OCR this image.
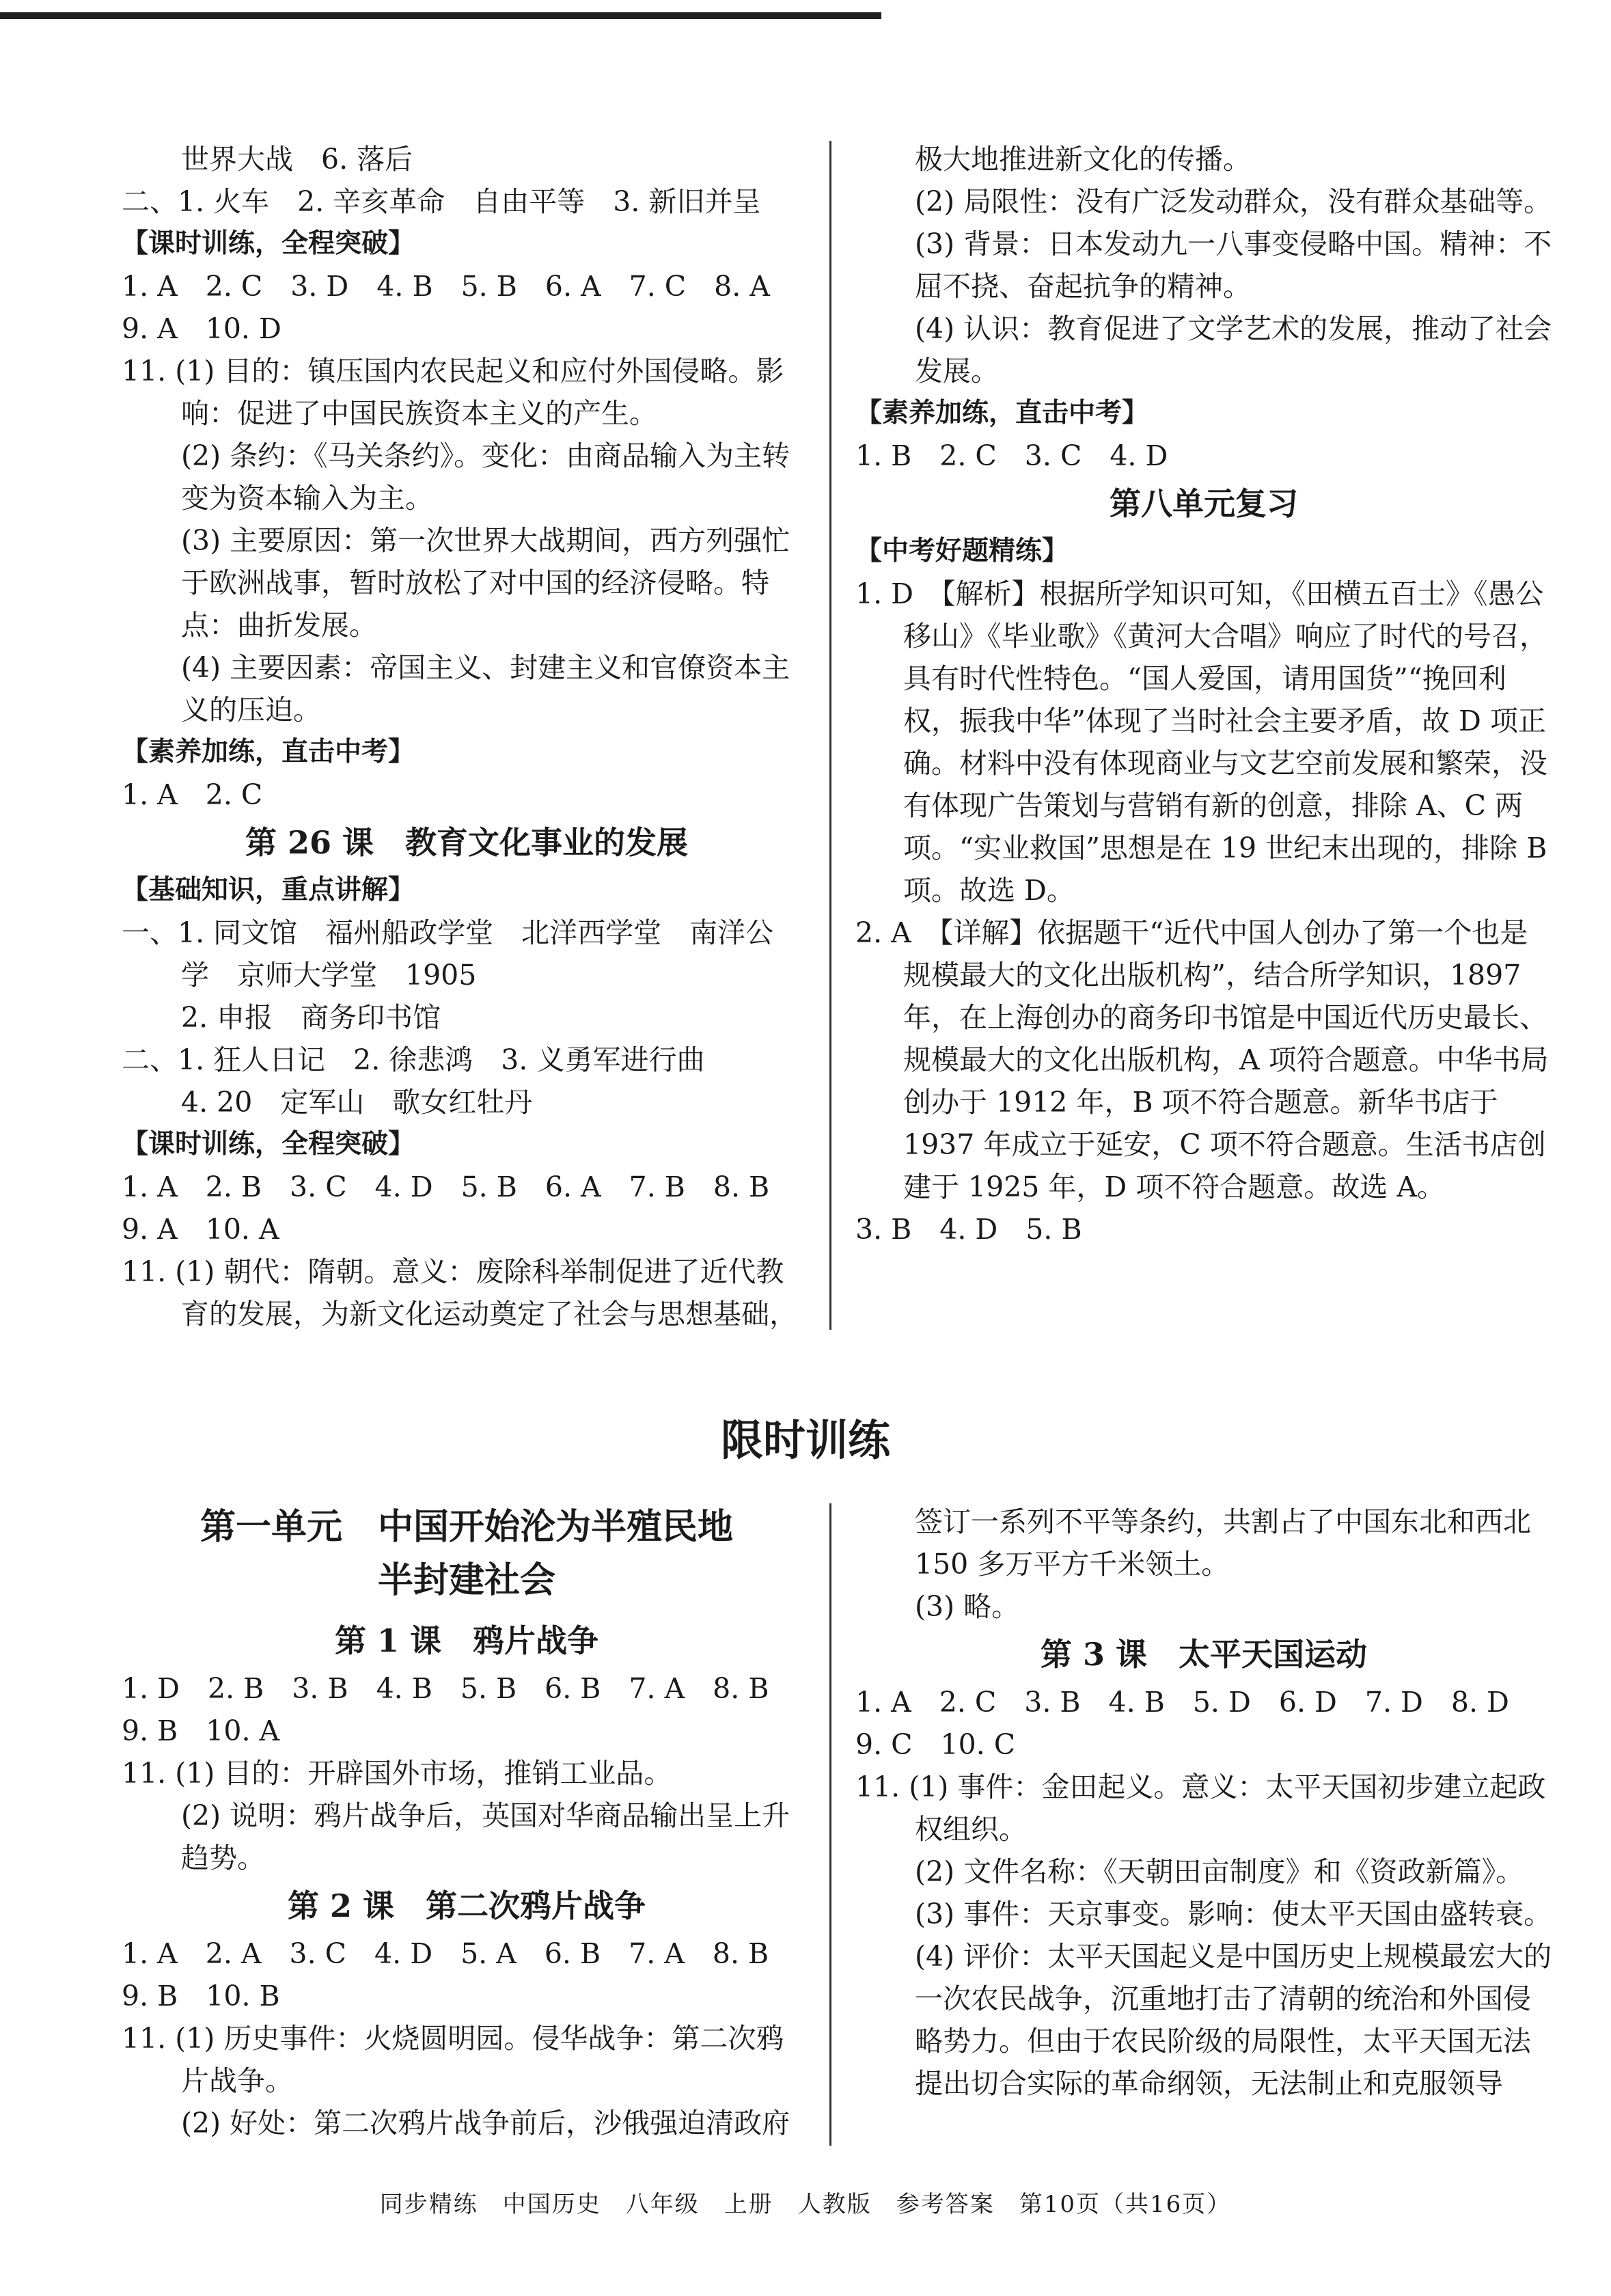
世界大战　6. 落后

二、1. 火车　2. 辛亥革命　自由平等　3. 新旧并呈

【课时训练，全程突破】

1. A　2. C　3. D　4. B　5. B　6. A　7. C　8. A

9. A　10. D

11. (1) 目的：镇压国内农民起义和应付外国侵略。影响：促进了中国民族资本主义的产生。

(2) 条约：《马关条约》。变化：由商品输入为主转变为资本输入为主。

(3) 主要原因：第一次世界大战期间，西方列强忙于欧洲战事，暂时放松了对中国的经济侵略。特点：曲折发展。

(4) 主要因素：帝国主义、封建主义和官僚资本主义的压迫。

【素养加练，直击中考】

1. A　2. C

第 26 课　教育文化事业的发展

【基础知识，重点讲解】

一、1. 同文馆　福州船政学堂　北洋西学堂　南洋公

学　京师大学堂　1905

2. 申报　商务印书馆

二、1. 狂人日记　2. 徐悲鸿　3. 义勇军进行曲

4. 20　定军山　歌女红牡丹

【课时训练，全程突破】

1. A　2. B　3. C　4. D　5. B　6. A　7. B　8. B

9. A　10. A

11. (1) 朝代：隋朝。意义：废除科举制促进了近代教育的发展，为新文化运动奠定了社会与思想基础，

极大地推进新文化的传播。

(2) 局限性：没有广泛发动群众，没有群众基础等。

(3) 背景：日本发动九一八事变侵略中国。精神：不屈不挠、奋起抗争的精神。

(4) 认识：教育促进了文学艺术的发展，推动了社会发展。

【素养加练，直击中考】

1. B　2. C　3. C　4. D

第八单元复习

【中考好题精练】

1. D　【解析】根据所学知识可知，《田横五百士》《愚公移山》《毕业歌》《黄河大合唱》响应了时代的号召，具有时代性特色。“国人爱国，请用国货”“挽回利权，振我中华”体现了当时社会主要矛盾，故 D 项正确。材料中没有体现商业与文艺空前发展和繁荣，没有体现广告策划与营销有新的创意，排除 A、C 两项。“实业救国”思想是在 19 世纪末出现的，排除 B 项。故选 D。

2. A　【详解】依据题干“近代中国人创办了第一个也是规模最大的文化出版机构”，结合所学知识，1897 年，在上海创办的商务印书馆是中国近代历史最长、规模最大的文化出版机构，A 项符合题意。中华书局创办于 1912 年，B 项不符合题意。新华书店于 1937 年成立于延安，C 项不符合题意。生活书店创建于 1925 年，D 项不符合题意。故选 A。

3. B　4. D　5. B

限时训练

第一单元　中国开始沦为半殖民地

半封建社会

第 1 课　鸦片战争

1. D　2. B　3. B　4. B　5. B　6. B　7. A　8. B

9. B　10. A

11. (1) 目的：开辟国外市场，推销工业品。

(2) 说明：鸦片战争后，英国对华商品输出呈上升趋势。

第 2 课　第二次鸦片战争

1. A　2. A　3. C　4. D　5. A　6. B　7. A　8. B

9. B　10. B

11. (1) 历史事件：火烧圆明园。侵华战争：第二次鸦片战争。

(2) 好处：第二次鸦片战争前后，沙俄强迫清政府

签订一系列不平等条约，共割占了中国东北和西北150 多万平方千米领土。

(3) 略。

第 3 课　太平天国运动

1. A　2. C　3. B　4. B　5. D　6. D　7. D　8. D

9. C　10. C

11. (1) 事件：金田起义。意义：太平天国初步建立起政权组织。

(2) 文件名称：《天朝田亩制度》和《资政新篇》。

(3) 事件：天京事变。影响：使太平天国由盛转衰。

(4) 评价：太平天国起义是中国历史上规模最宏大的一次农民战争，沉重地打击了清朝的统治和外国侵略势力。但由于农民阶级的局限性，太平天国无法提出切合实际的革命纲领，无法制止和克服领导

同步精练　中国历史　八年级　上册　人教版　参考答案　第10页（共16页）
